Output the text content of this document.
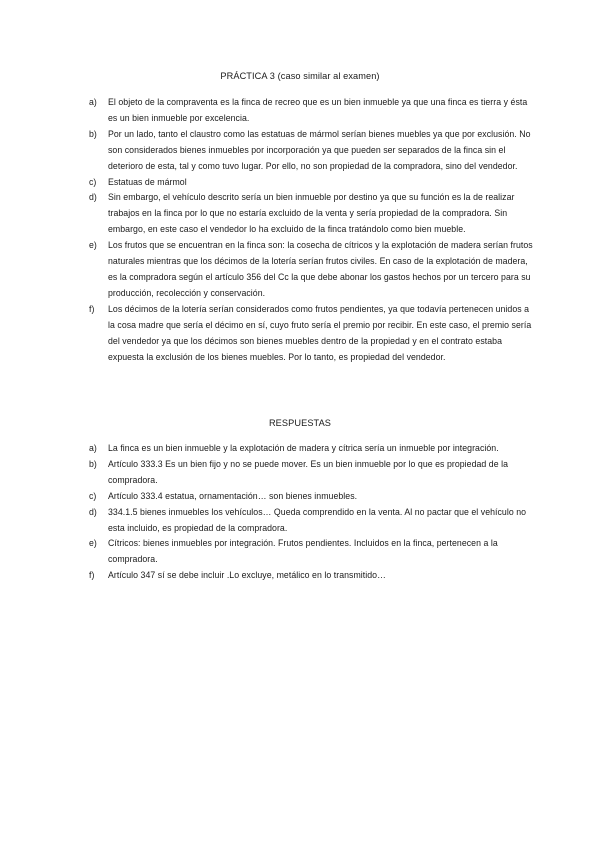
PRÁCTICA 3 (caso similar al examen)
a) El objeto de la compraventa es la finca de recreo que es un bien inmueble ya que una finca es tierra y ésta es un bien inmueble por excelencia.
b) Por un lado, tanto el claustro como las estatuas de mármol serían bienes muebles ya que por exclusión. No son considerados bienes inmuebles por incorporación ya que pueden ser separados de la finca sin el deterioro de esta, tal y como tuvo lugar. Por ello, no son propiedad de la compradora, sino del vendedor.
c) Estatuas de mármol
d) Sin embargo, el vehículo descrito sería un bien inmueble por destino ya que su función es la de realizar trabajos en la finca por lo que no estaría excluido de la venta y sería propiedad de la compradora. Sin embargo, en este caso el vendedor lo ha excluido de la finca tratándolo como bien mueble.
e) Los frutos que se encuentran en la finca son: la cosecha de cítricos y la explotación de madera serían frutos naturales mientras que los décimos de la lotería serían frutos civiles. En caso de la explotación de madera, es la compradora según el artículo 356 del Cc la que debe abonar los gastos hechos por un tercero para su producción, recolección y conservación.
f) Los décimos de la lotería serían considerados como frutos pendientes, ya que todavía pertenecen unidos a la cosa madre que sería el décimo en sí, cuyo fruto sería el premio por recibir. En este caso, el premio sería del vendedor ya que los décimos son bienes muebles dentro de la propiedad y en el contrato estaba expuesta la exclusión de los bienes muebles. Por lo tanto, es propiedad del vendedor.
RESPUESTAS
a) La finca es un bien inmueble y la explotación de madera y cítrica sería un inmueble por integración.
b) Artículo 333.3 Es un bien fijo y no se puede mover. Es un bien inmueble por lo que es propiedad de la compradora.
c) Artículo 333.4 estatua, ornamentación… son bienes inmuebles.
d) 334.1.5 bienes inmuebles los vehículos… Queda comprendido en la venta. Al no pactar que el vehículo no esta incluido, es propiedad de la compradora.
e) Cítricos: bienes inmuebles por integración. Frutos pendientes. Incluidos en la finca, pertenecen a la compradora.
f) Artículo 347 sí se debe incluir .Lo excluye, metálico en lo transmitido…
